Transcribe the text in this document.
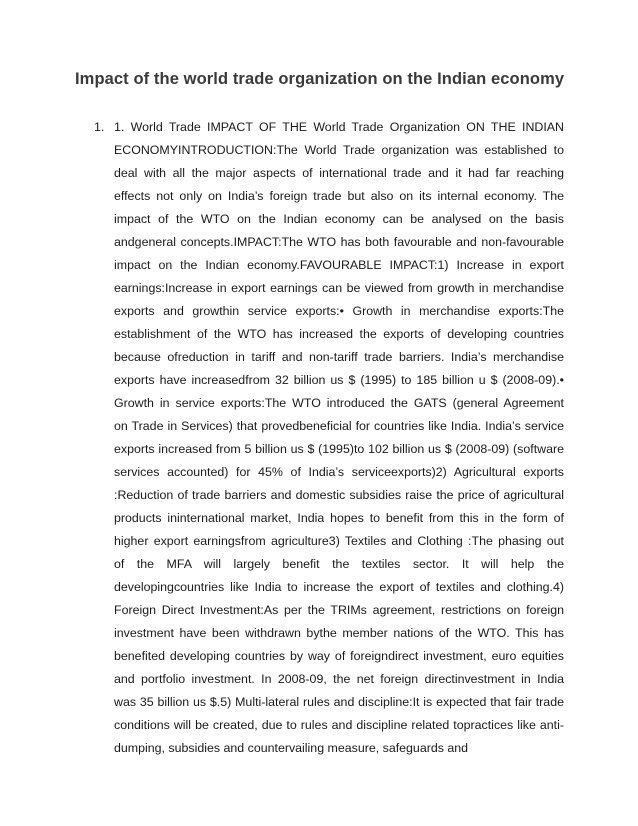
Impact of the world trade organization on the Indian economy
1. 1. World Trade IMPACT OF THE World Trade Organization ON THE INDIAN
ECONOMYINTRODUCTION:The World Trade organization was established to
deal with all the major aspects of international trade and it had far reaching
effects not only on India’s foreign trade but also on its internal economy. The
impact of the WTO on the Indian economy can be analysed on the basis
andgeneral concepts.IMPACT:The WTO has both favourable and non-favourable
impact on the Indian economy.FAVOURABLE IMPACT:1) Increase in export
earnings:Increase in export earnings can be viewed from growth in merchandise
exports and growthin service exports:• Growth in merchandise exports:The
establishment of the WTO has increased the exports of developing countries
because ofreduction in tariff and non-tariff trade barriers. India’s merchandise
exports have increasedfrom 32 billion us $ (1995) to 185 billion u $ (2008-09).•
Growth in service exports:The WTO introduced the GATS (general Agreement
on Trade in Services) that provedbeneficial for countries like India. India’s service
exports increased from 5 billion us $ (1995)to 102 billion us $ (2008-09) (software
services accounted) for 45% of India’s serviceexports)2) Agricultural exports
:Reduction of trade barriers and domestic subsidies raise the price of agricultural
products ininternational market, India hopes to benefit from this in the form of
higher export earningsfrom agriculture3) Textiles and Clothing :The phasing out
of the MFA will largely benefit the textiles sector. It will help the
developingcountries like India to increase the export of textiles and clothing.4)
Foreign Direct Investment:As per the TRIMs agreement, restrictions on foreign
investment have been withdrawn bythe member nations of the WTO. This has
benefited developing countries by way of foreigndirect investment, euro equities
and portfolio investment. In 2008-09, the net foreign directinvestment in India
was 35 billion us $.5) Multi-lateral rules and discipline:It is expected that fair trade
conditions will be created, due to rules and discipline related topractices like anti-
dumping, subsidies and countervailing measure, safeguards and
